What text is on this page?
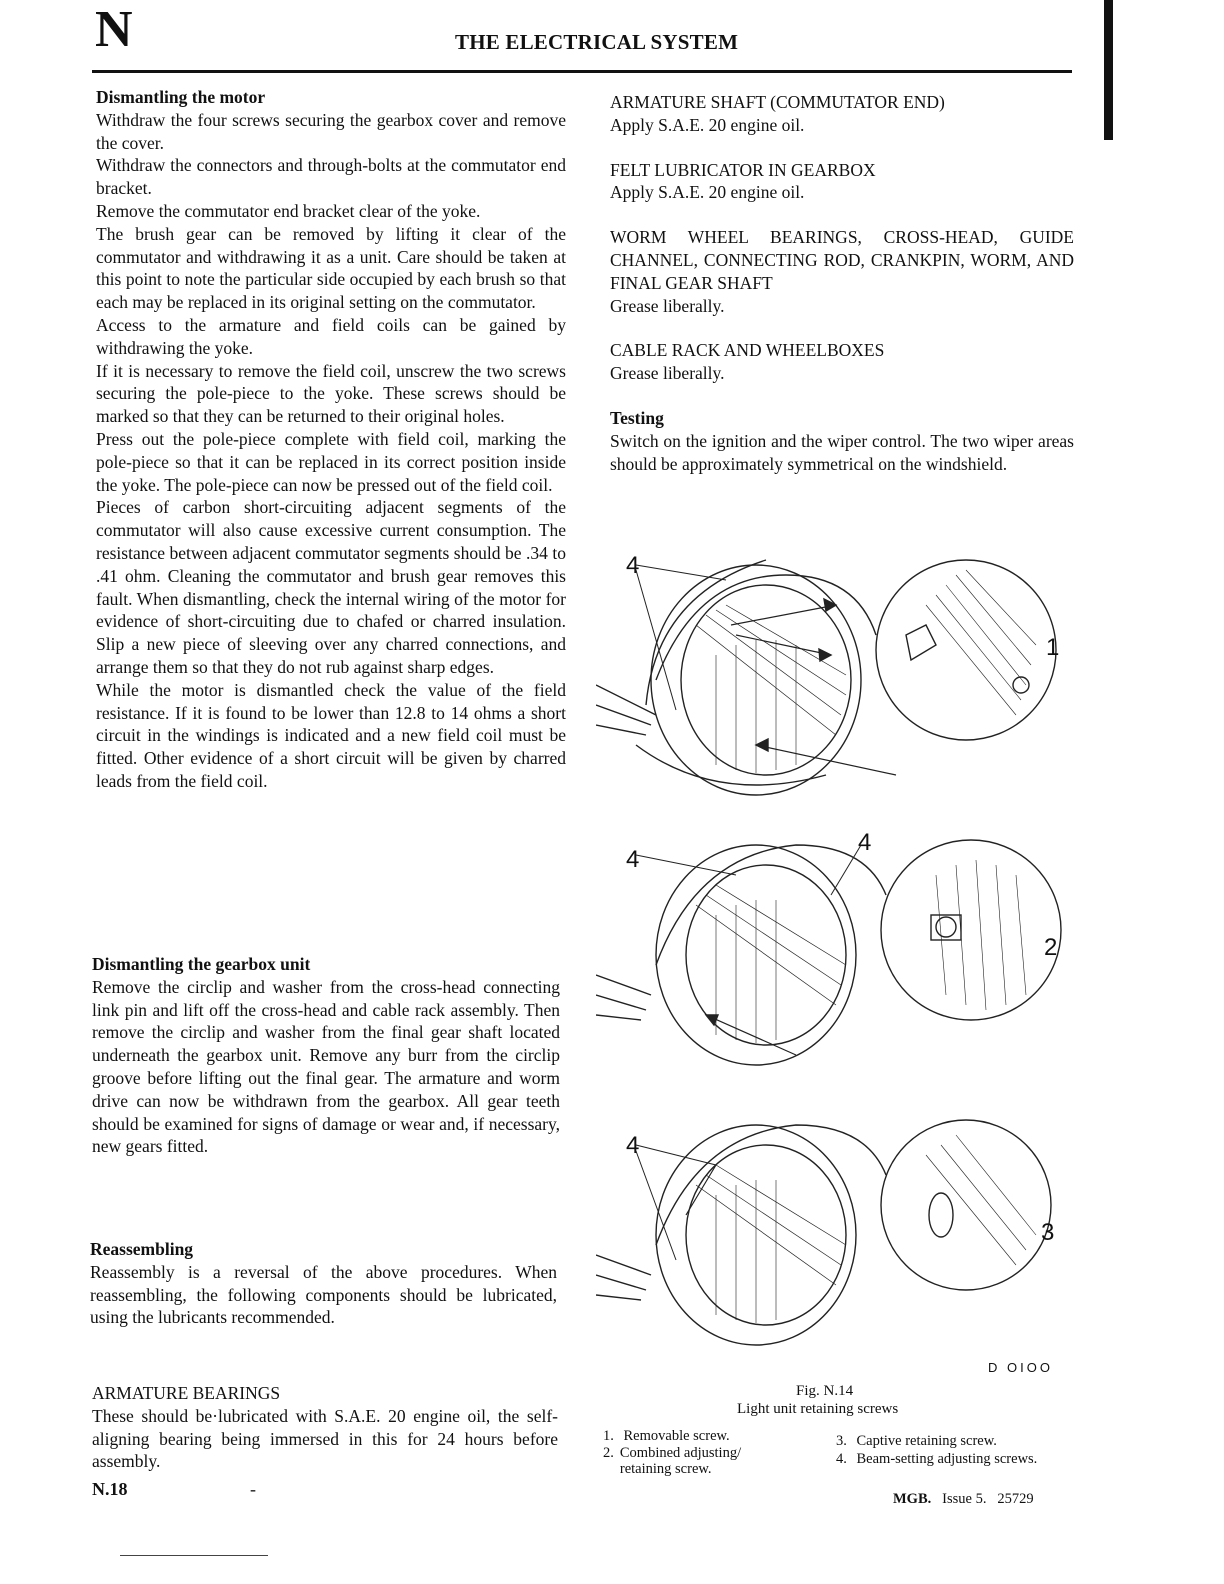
N	THE ELECTRICAL SYSTEM

Dismantling the motor

Withdraw the four screws securing the gearbox cover and remove the cover.

Withdraw the connectors and through-bolts at the commutator end bracket.

Remove the commutator end bracket clear of the yoke.

The brush gear can be removed by lifting it clear of the commutator and withdrawing it as a unit. Care should be taken at this point to note the particular side occupied by each brush so that each may be replaced in its original setting on the commutator.

Access to the armature and field coils can be gained by withdrawing the yoke.

If it is necessary to remove the field coil, unscrew the two screws securing the pole-piece to the yoke. These screws should be marked so that they can be returned to their original holes.

Press out the pole-piece complete with field coil, marking the pole-piece so that it can be replaced in its correct position inside the yoke. The pole-piece can now be pressed out of the field coil.

Pieces of carbon short-circuiting adjacent segments of the commutator will also cause excessive current consumption. The resistance between adjacent commutator segments should be .34 to .41 ohm. Cleaning the commutator and brush gear removes this fault. When dismantling, check the internal wiring of the motor for evidence of short-circuiting due to chafed or charred insulation. Slip a new piece of sleeving over any charred connections, and arrange them so that they do not rub against sharp edges.

While the motor is dismantled check the value of the field resistance. If it is found to be lower than 12.8 to 14 ohms a short circuit in the windings is indicated and a new field coil must be fitted. Other evidence of a short circuit will be given by charred leads from the field coil.

Dismantling the gearbox unit

Remove the circlip and washer from the cross-head connecting link pin and lift off the cross-head and cable rack assembly. Then remove the circlip and washer from the final gear shaft located underneath the gearbox unit. Remove any burr from the circlip groove before lifting out the final gear. The armature and worm drive can now be withdrawn from the gearbox. All gear teeth should be examined for signs of damage or wear and, if necessary, new gears fitted.

Reassembling

Reassembly is a reversal of the above procedures. When reassembling, the following components should be lubricated, using the lubricants recommended.

ARMATURE BEARINGS

These should be·lubricated with S.A.E. 20 engine oil, the self-aligning bearing being immersed in this for 24 hours before assembly.

ARMATURE SHAFT (COMMUTATOR END)

Apply S.A.E. 20 engine oil.

FELT LUBRICATOR IN GEARBOX

Apply S.A.E. 20 engine oil.

WORM WHEEL BEARINGS, CROSS-HEAD, GUIDE CHANNEL, CONNECTING ROD, CRANKPIN, WORM, AND FINAL GEAR SHAFT

Grease liberally.

CABLE RACK AND WHEELBOXES

Grease liberally.

Testing

Switch on the ignition and the wiper control. The two wiper areas should be approximately symmetrical on the windshield.

4
1
4
4
2
4
3
D OIOO
Fig. N.14
Light unit retaining screws
1. Removable screw.
2. Combined adjusting/ retaining screw.
3. Captive retaining screw.
4. Beam-setting adjusting screws.
N.18	-	MGB. Issue 5. 25729
